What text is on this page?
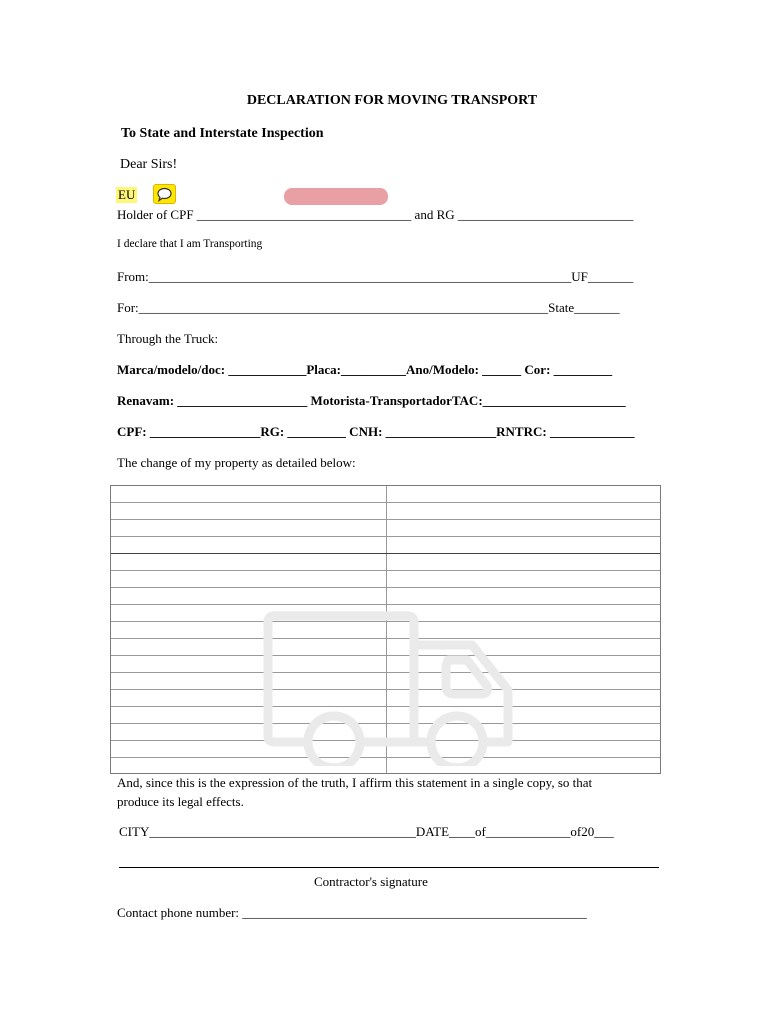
DECLARATION FOR MOVING TRANSPORT
To State and Interstate Inspection
Dear Sirs!
EU
Holder of CPF _________________________________ and RG ___________________________
I declare that I am Transporting
From:_________________________________________________________________UF_______
For:_______________________________________________________________State_______
Through the Truck:
Marca/modelo/doc: ____________Placa:__________Ano/Modelo: ______ Cor: _________
Renavam: ____________________ Motorista-TransportadorTAC:______________________
CPF: _________________RG: _________ CNH: _________________RNTRC: _____________
The change of my property as detailed below:
And, since this is the expression of the truth, I affirm this statement in a single copy, so that
produce its legal effects.
CITY_________________________________________DATE____of_____________of20___
Contractor's signature
Contact phone number: _____________________________________________________
